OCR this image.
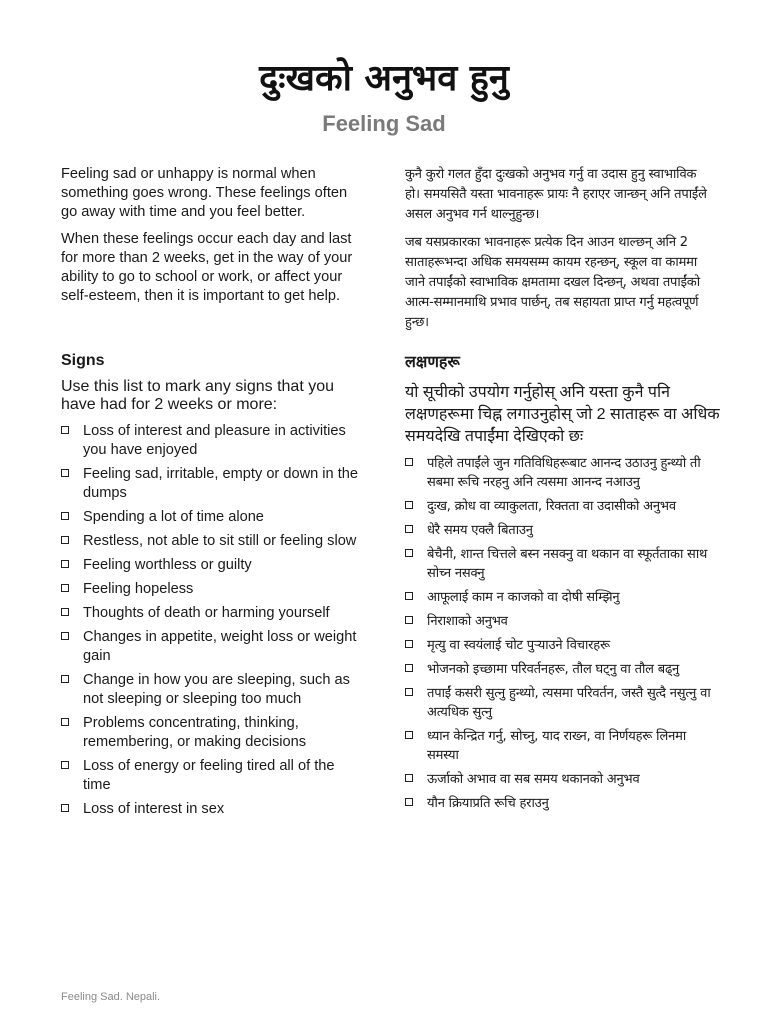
दुःखको अनुभव हुनु
Feeling Sad

Feeling sad or unhappy is normal when something goes wrong. These feelings often go away with time and you feel better.

When these feelings occur each day and last for more than 2 weeks, get in the way of your ability to go to school or work, or affect your self-esteem, then it is important to get help.

कुनै कुरो गलत हुँदा दुःखको अनुभव गर्नु वा उदास हुनु स्वाभाविक हो। समयसितै यस्ता भावनाहरू प्रायः नै हराएर जान्छन् अनि तपाईंले असल अनुभव गर्न थाल्नुहुन्छ।

जब यसप्रकारका भावनाहरू प्रत्येक दिन आउन थाल्छन् अनि 2 साताहरूभन्दा अधिक समयसम्म कायम रहन्छन्, स्कूल वा काममा जाने तपाईंको स्वाभाविक क्षमतामा दखल दिन्छन्, अथवा तपाईंको आत्म-सम्मानमाथि प्रभाव पार्छन्, तब सहायता प्राप्त गर्नु महत्वपूर्ण हुन्छ।

Signs

Use this list to mark any signs that you have had for 2 weeks or more:

Loss of interest and pleasure in activities you have enjoyed
Feeling sad, irritable, empty or down in the dumps
Spending a lot of time alone
Restless, not able to sit still or feeling slow
Feeling worthless or guilty
Feeling hopeless
Thoughts of death or harming yourself
Changes in appetite, weight loss or weight gain
Change in how you are sleeping, such as not sleeping or sleeping too much
Problems concentrating, thinking, remembering, or making decisions
Loss of energy or feeling tired all of the time
Loss of interest in sex
लक्षणहरू

यो सूचीको उपयोग गर्नुहोस् अनि यस्ता कुनै पनि लक्षणहरूमा चिह्न लगाउनुहोस् जो 2 साताहरू वा अधिक समयदेखि तपाईंमा देखिएको छः

पहिले तपाईंले जुन गतिविधिहरूबाट आनन्द उठाउनु हुन्थ्यो ती सबमा रूचि नरहनु अनि त्यसमा आनन्द नआउनु
दुःख, क्रोध वा व्याकुलता, रिक्तता वा उदासीको अनुभव
धेरै समय एक्लै बिताउनु
बेचैनी, शान्त चित्तले बस्न नसक्नु वा थकान वा स्फूर्तताका साथ सोच्न नसक्नु
आफूलाई काम न काजको वा दोषी सम्झिनु
निराशाको अनुभव
मृत्यु वा स्वयंलाई चोट पुऱ्याउने विचारहरू
भोजनको इच्छामा परिवर्तनहरू, तौल घट्नु वा तौल बढ्नु
तपाईं कसरी सुत्नु हुन्थ्यो, त्यसमा परिवर्तन, जस्तै सुत्दै नसुत्नु वा अत्यधिक सुत्नु
ध्यान केन्द्रित गर्नु, सोच्नु, याद राख्न, वा निर्णयहरू लिनमा समस्या
ऊर्जाको अभाव वा सब समय थकानको अनुभव
यौन क्रियाप्रति रूचि हराउनु
Feeling Sad. Nepali.
